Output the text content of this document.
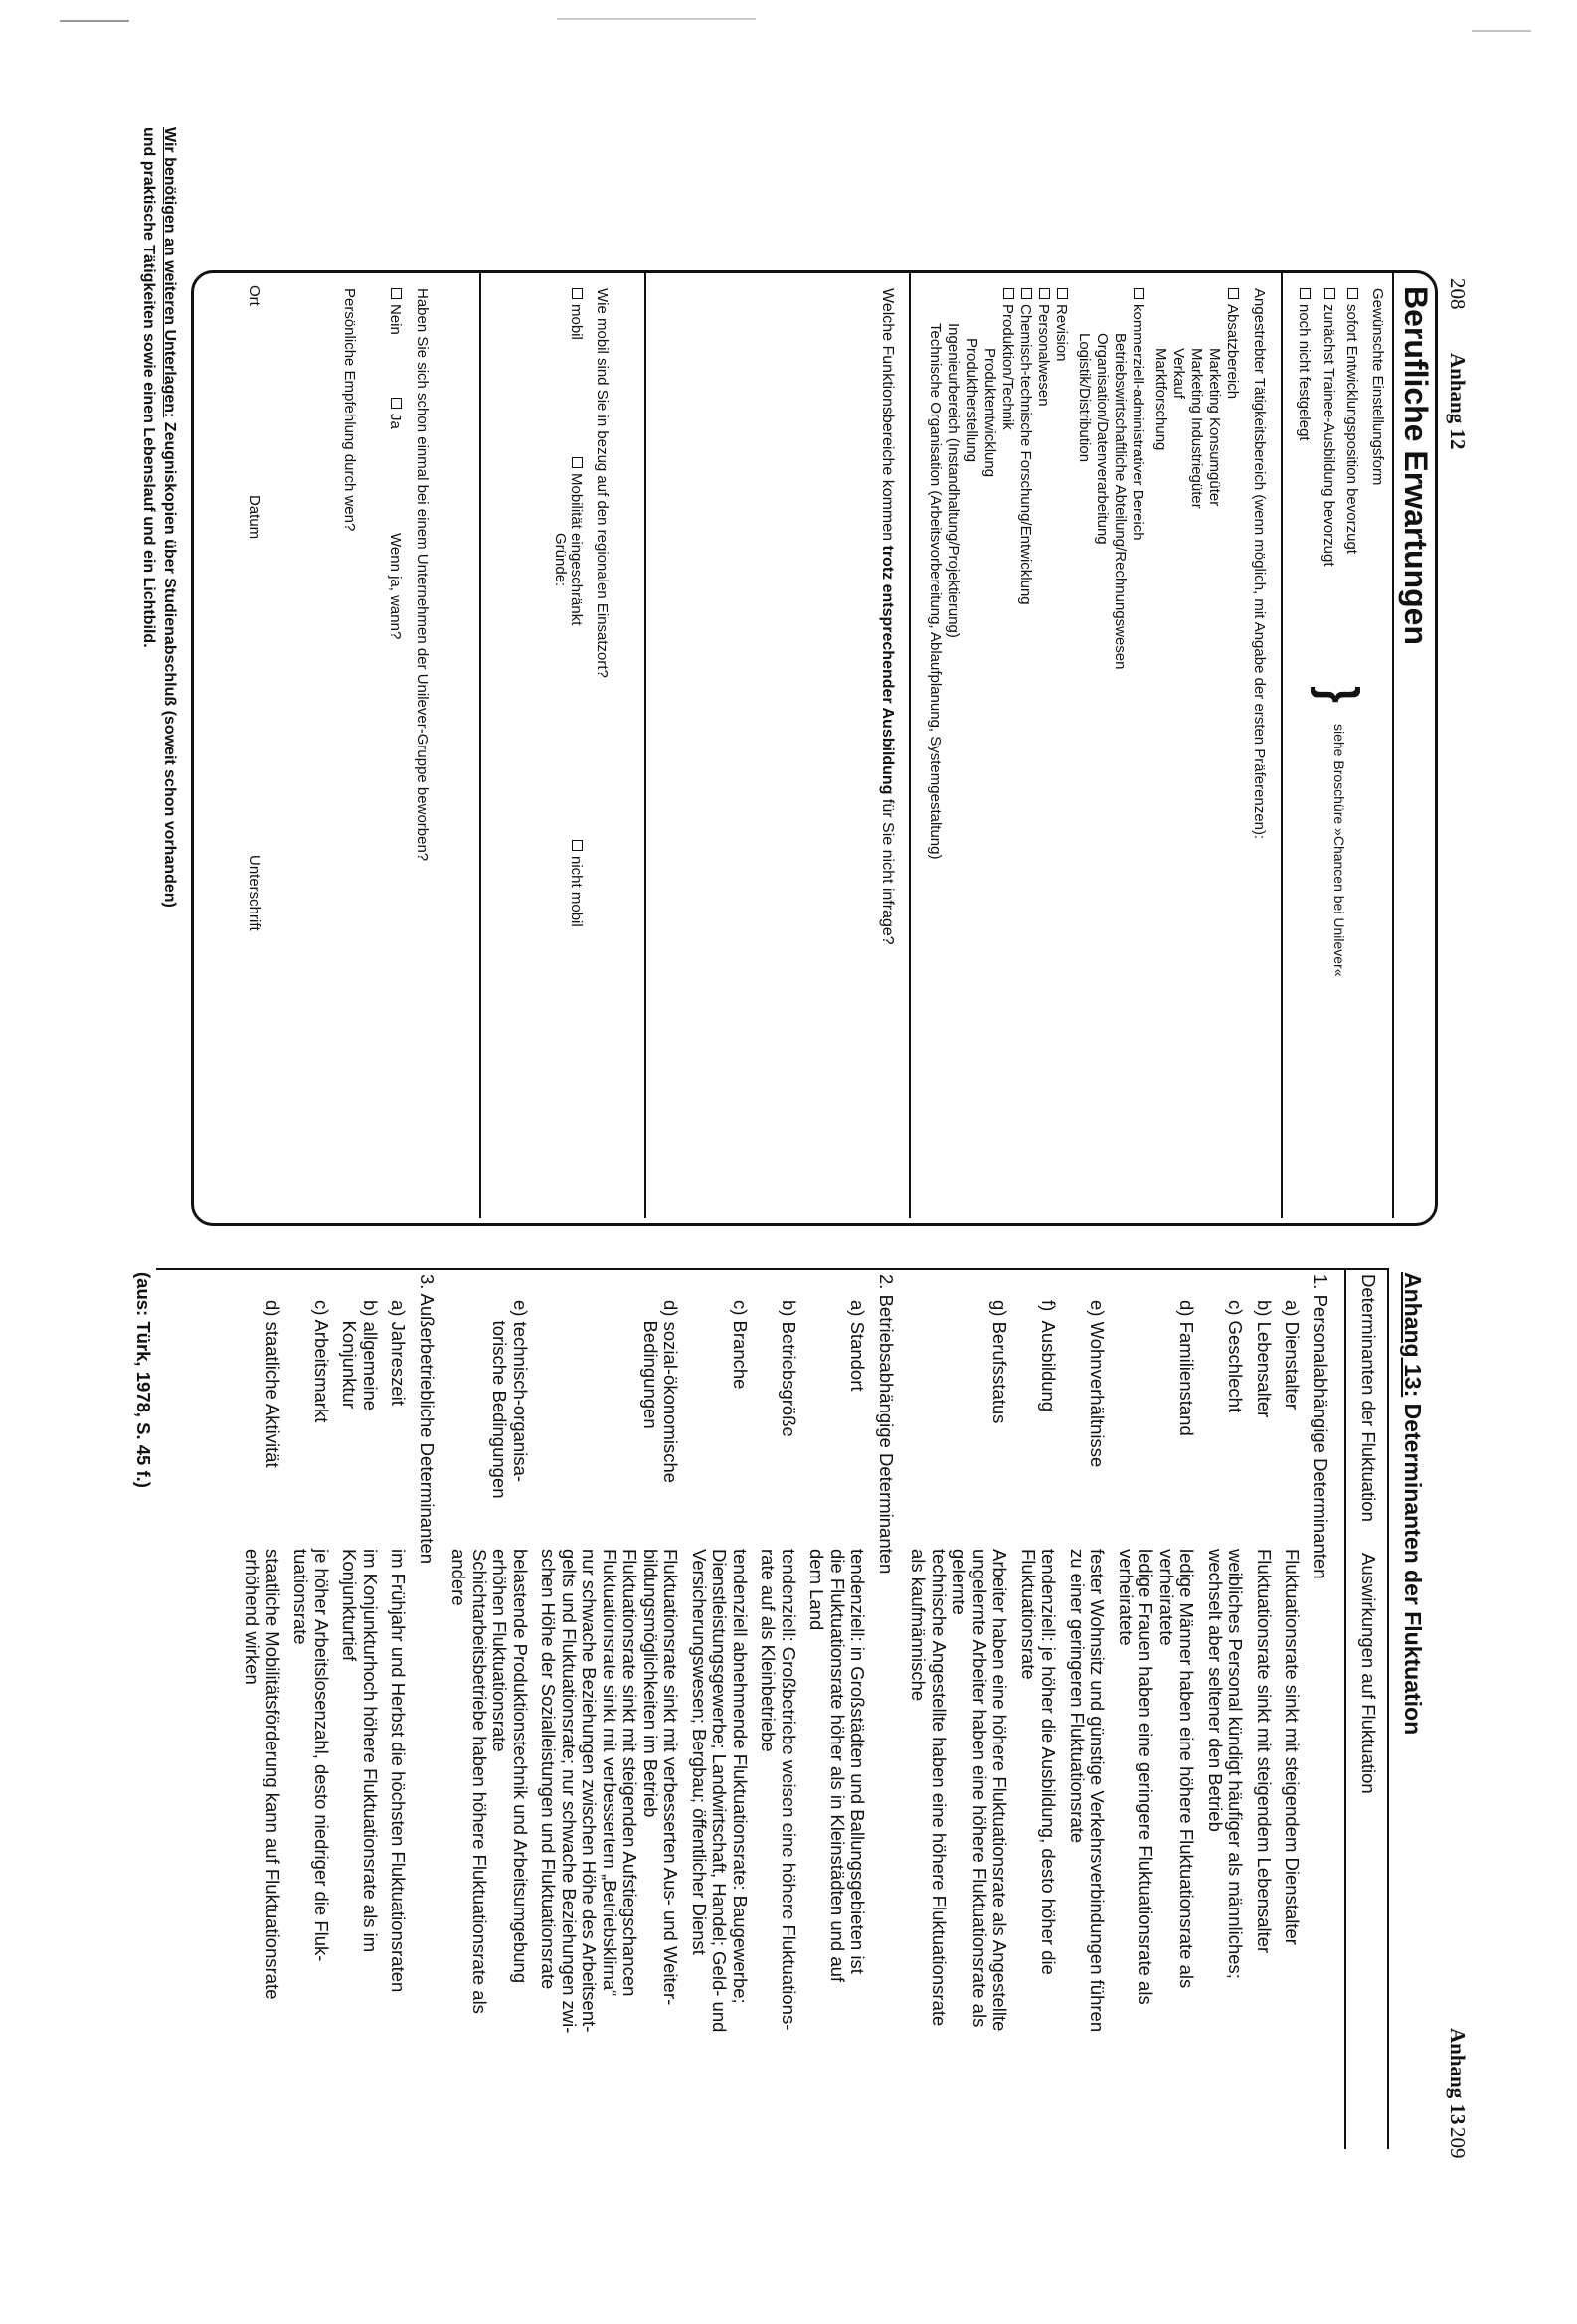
208
Anhang 12
Berufliche Erwartungen
Gewünschte Einstellungsform
sofort Entwicklungsposition bevorzugt
zunächst Trainee-Ausbildung bevorzugt
noch nicht festgelegt
}
siehe Broschüre »Chancen bei Unilever«
Angestrebter Tätigkeitsbereich (wenn möglich, mit Angabe der ersten Präferenzen):
Absatzbereich
Marketing Konsumgüter
Marketing Industriegüter
Verkauf
Marktforschung
kommerziell-administrativer Bereich
Betriebswirtschaftliche Abteilung/Rechnungswesen
Organisation/Datenverarbeitung
Logistik/Distribution
Revision
Personalwesen
Chemisch-technische Forschung/Entwicklung
Produktion/Technik
Produktentwicklung
Produktherstellung
Ingenieurbereich (Instandhaltung/Projektierung)
Technische Organisation (Arbeitsvorbereitung, Ablaufplanung, Systemgestaltung)
Welche Funktionsbereiche kommen trotz entsprechender Ausbildung für Sie nicht infrage?
Wie mobil sind Sie in bezug auf den regionalen Einsatzort?
mobil
Mobilität eingeschränkt
nicht mobil
Gründe:
Haben Sie sich schon einmal bei einem Unternehmen der Unilever-Gruppe beworben?
Nein
Ja
Wenn ja, wann?
Persönliche Empfehlung durch wen?
Ort
Datum
Unterschrift
Wir benötigen an weiteren Unterlagen: Zeugniskopien über Studienabschluß (soweit schon vorhanden)
und praktische Tätigkeiten sowie einen Lebenslauf und ein Lichtbild.
Anhang 13
209
Anhang 13: Determinanten der Fluktuation
Determinanten der Fluktuation
Auswirkungen auf Fluktuation
1. Personalabhängige Determinanten
a) Dienstalter
Fluktuationsrate sinkt mit steigendem Dienstalter
b) Lebensalter
Fluktuationsrate sinkt mit steigendem Lebensalter
c) Geschlecht
weibliches Personal kündigt häufiger als männliches;
wechselt aber seltener den Betrieb
d) Familienstand
ledige Männer haben eine höhere Fluktuationsrate als
verheiratete
ledige Frauen haben eine geringere Fluktuationsrate als
verheiratete
e) Wohnverhältnisse
fester Wohnsitz und günstige Verkehrsverbindungen führen
zu einer geringeren Fluktuationsrate
f)  Ausbildung
tendenziell: je höher die Ausbildung, desto höher die
Fluktuationsrate
g) Berufsstatus
Arbeiter haben eine höhere Fluktuationsrate als Angestellte
ungelernte Arbeiter haben eine höhere Fluktuationsrate als
gelernte
technische Angestellte haben eine höhere Fluktuationsrate
als kaufmännische
2. Betriebsabhängige Determinanten
a) Standort
tendenziell: in Großstädten und Ballungsgebieten ist
die Fluktuationsrate höher als in Kleinstädten und auf
dem Land
b) Betriebsgröße
tendenziell: Großbetriebe weisen eine höhere Fluktuations-
rate auf als Kleinbetriebe
c) Branche
tendenziell abnehmende Fluktuationsrate: Baugewerbe;
Dienstleistungsgewerbe; Landwirtschaft, Handel; Geld- und
Versicherungswesen; Bergbau; öffentlicher Dienst
d) sozial-ökonomische
Bedingungen
Fluktuationsrate sinkt mit verbesserten Aus- und Weiter-
bildungsmöglichkeiten im Betrieb
Fluktuationsrate sinkt mit steigenden Aufstiegschancen
Fluktuationsrate sinkt mit verbessertem „Betriebsklima“
nur schwache Beziehungen zwischen Höhe des Arbeitsent-
gelts und Fluktuationsrate; nur schwache Beziehungen zwi-
schen Höhe der Sozialleistungen und Fluktuationsrate
e) technisch-organisa-
torische Bedingungen
belastende Produktionstechnik und Arbeitsumgebung
erhöhen Fluktuationsrate
Schichtarbeitsbetriebe haben höhere Fluktuationsrate als
andere
3. Außerbetriebliche Determinanten
a) Jahreszeit
im Frühjahr und Herbst die höchsten Fluktuationsraten
b) allgemeine
Konjunktur
im Konjunkturhoch höhere Fluktuationsrate als im
Konjunkturtief
c) Arbeitsmarkt
je höher Arbeitslosenzahl, desto niedriger die Fluk-
tuationsrate
d) staatliche Aktivität
staatliche Mobilitätsförderung kann auf Fluktuationsrate
erhöhend wirken
(aus: Türk, 1978, S. 45 f.)
